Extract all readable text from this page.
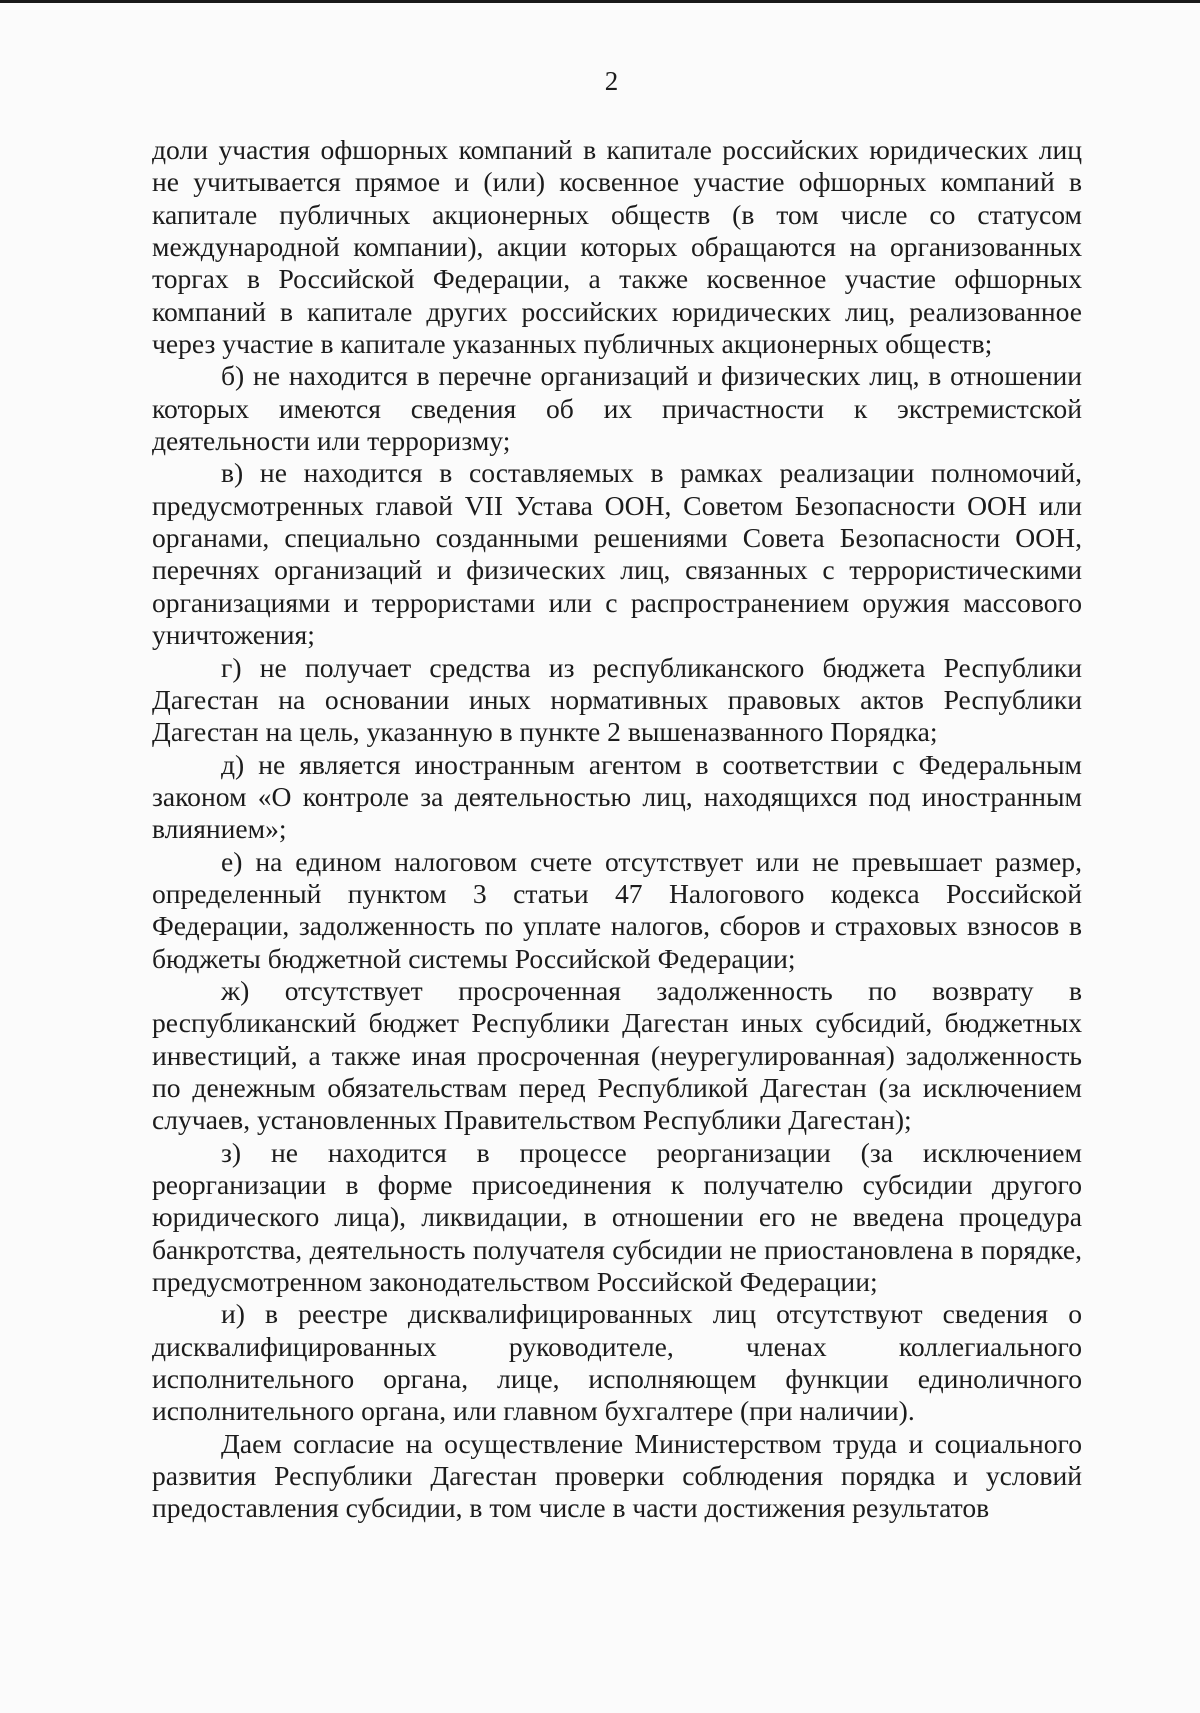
2

доли участия офшорных компаний в капитале российских юридических лиц не учитывается прямое и (или) косвенное участие офшорных компаний в капитале публичных акционерных обществ (в том числе со статусом международной компании), акции которых обращаются на организованных торгах в Российской Федерации, а также косвенное участие офшорных компаний в капитале других российских юридических лиц, реализованное через участие в капитале указанных публичных акционерных обществ;

б) не находится в перечне организаций и физических лиц, в отношении которых имеются сведения об их причастности к экстремистской деятельности или терроризму;

в) не находится в составляемых в рамках реализации полномочий, предусмотренных главой VII Устава ООН, Советом Безопасности ООН или органами, специально созданными решениями Совета Безопасности ООН, перечнях организаций и физических лиц, связанных с террористическими организациями и террористами или с распространением оружия массового уничтожения;

г) не получает средства из республиканского бюджета Республики Дагестан на основании иных нормативных правовых актов Республики Дагестан на цель, указанную в пункте 2 вышеназванного Порядка;

д) не является иностранным агентом в соответствии с Федеральным законом «О контроле за деятельностью лиц, находящихся под иностранным влиянием»;

е) на едином налоговом счете отсутствует или не превышает размер, определенный пунктом 3 статьи 47 Налогового кодекса Российской Федерации, задолженность по уплате налогов, сборов и страховых взносов в бюджеты бюджетной системы Российской Федерации;

ж) отсутствует просроченная задолженность по возврату в республиканский бюджет Республики Дагестан иных субсидий, бюджетных инвестиций, а также иная просроченная (неурегулированная) задолженность по денежным обязательствам перед Республикой Дагестан (за исключением случаев, установленных Правительством Республики Дагестан);

з) не находится в процессе реорганизации (за исключением реорганизации в форме присоединения к получателю субсидии другого юридического лица), ликвидации, в отношении его не введена процедура банкротства, деятельность получателя субсидии не приостановлена в порядке, предусмотренном законодательством Российской Федерации;

и) в реестре дисквалифицированных лиц отсутствуют сведения о дисквалифицированных руководителе, членах коллегиального исполнительного органа, лице, исполняющем функции единоличного исполнительного органа, или главном бухгалтере (при наличии).

Даем согласие на осуществление Министерством труда и социального развития Республики Дагестан проверки соблюдения порядка и условий предоставления субсидии, в том числе в части достижения результатов
